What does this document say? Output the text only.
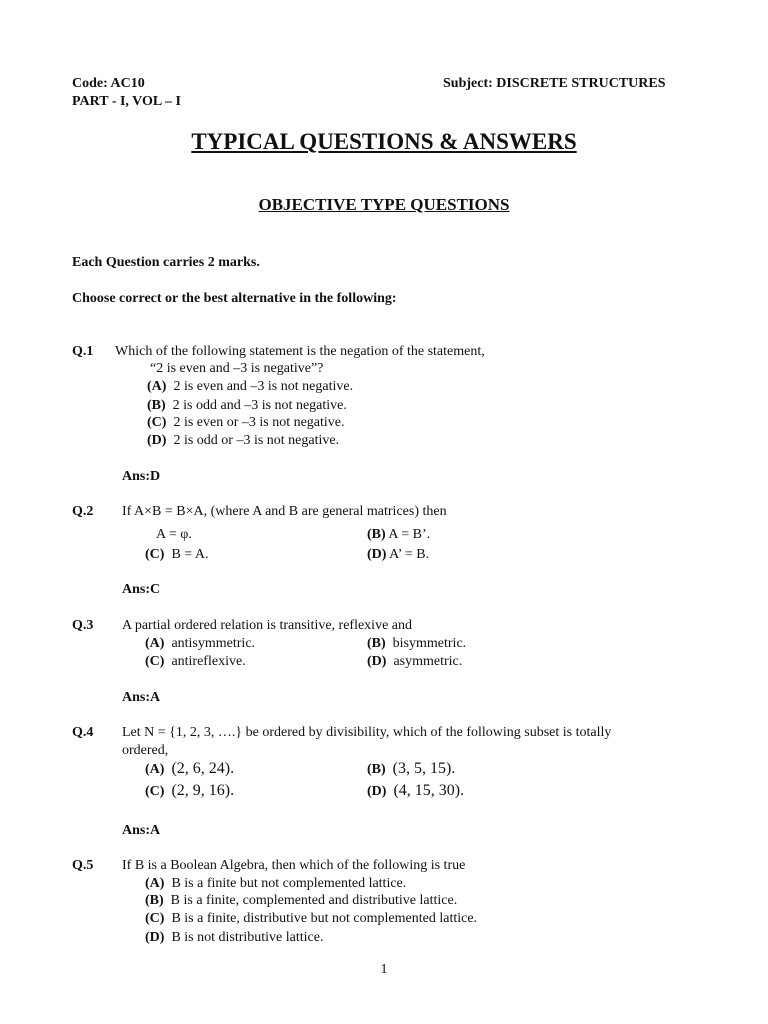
Code: AC10	Subject: DISCRETE STRUCTURES
PART - I, VOL – I
TYPICAL QUESTIONS & ANSWERS
OBJECTIVE TYPE QUESTIONS
Each Question carries 2 marks.
Choose correct or the best alternative in the following:
Q.1 Which of the following statement is the negation of the statement,
“2 is even and –3 is negative”?
(A) 2 is even and –3 is not negative.
(B) 2 is odd and –3 is not negative.
(C) 2 is even or –3 is not negative.
(D) 2 is odd or –3 is not negative.
Ans:D
Q.2 If A×B = B×A, (where A and B are general matrices) then
A = φ.	(B) A = B’.
(C) B = A.	(D) A’ = B.
Ans:C
Q.3 A partial ordered relation is transitive, reflexive and
(A) antisymmetric.	(B) bisymmetric.
(C) antireflexive.	(D) asymmetric.
Ans:A
Q.4 Let N = {1, 2, 3, ….} be ordered by divisibility, which of the following subset is totally
ordered,
(A) (2, 6, 24).	(B) (3, 5, 15).
(C) (2, 9, 16).	(D) (4, 15, 30).
Ans:A
Q.5 If B is a Boolean Algebra, then which of the following is true
(A) B is a finite but not complemented lattice.
(B) B is a finite, complemented and distributive lattice.
(C) B is a finite, distributive but not complemented lattice.
(D) B is not distributive lattice.
1
